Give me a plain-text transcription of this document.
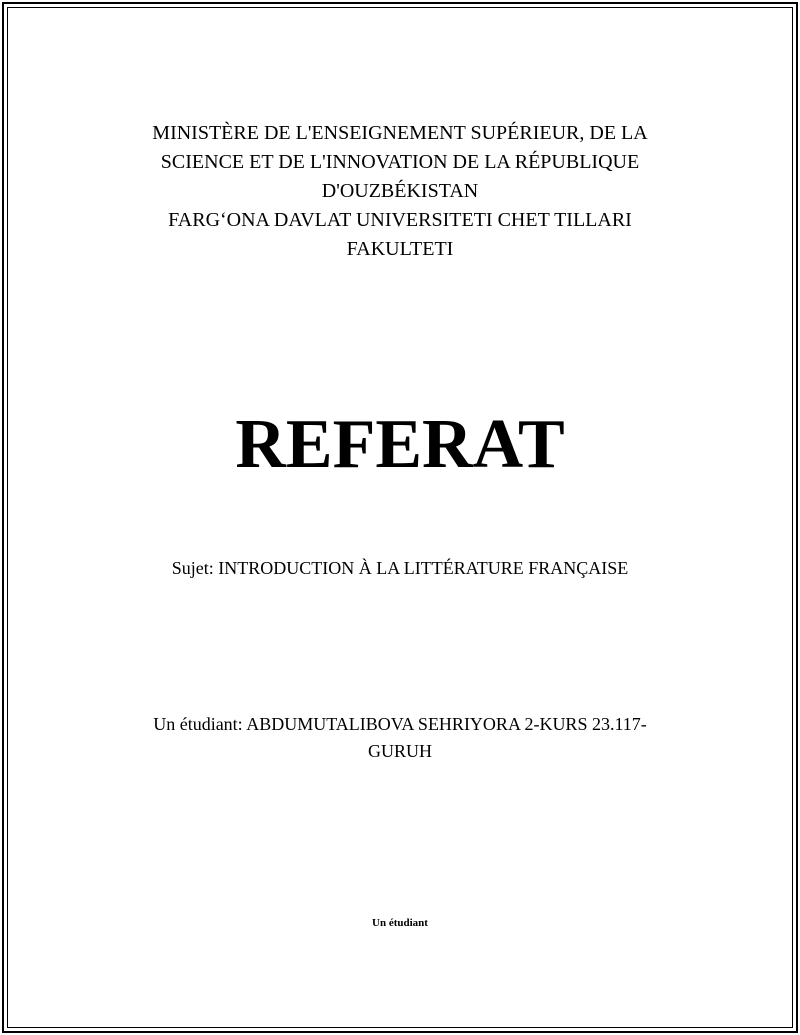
MINISTÈRE DE L'ENSEIGNEMENT SUPÉRIEUR, DE LA
SCIENCE ET DE L'INNOVATION DE LA RÉPUBLIQUE
D'OUZBÉKISTAN
FARG‘ONA DAVLAT UNIVERSITETI CHET TILLARI
FAKULTETI
REFERAT
Sujet: INTRODUCTION À LA LITTÉRATURE FRANÇAISE
Un étudiant: ABDUMUTALIBOVA SEHRIYORA 2-KURS 23.117-
GURUH
Un étudiant
